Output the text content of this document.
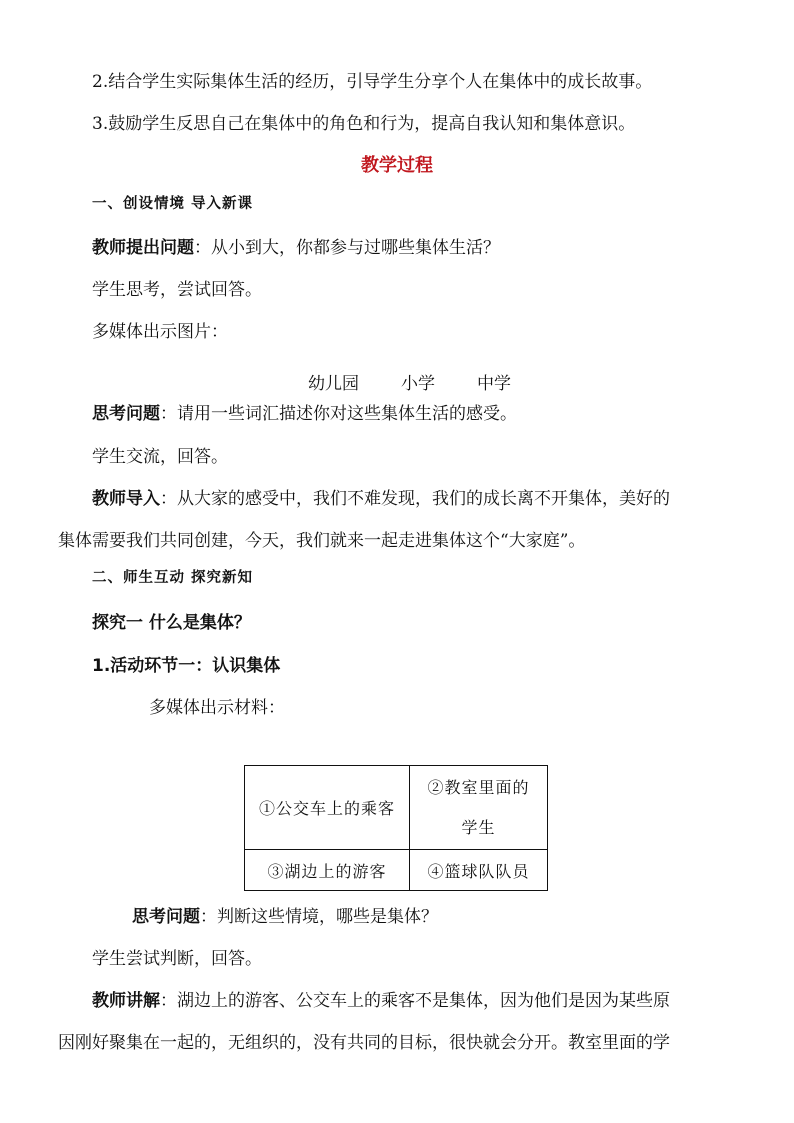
2.结合学生实际集体生活的经历，引导学生分享个人在集体中的成长故事。
3.鼓励学生反思自己在集体中的角色和行为，提高自我认知和集体意识。
教学过程
一、创设情境 导入新课
教师提出问题：从小到大，你都参与过哪些集体生活？
学生思考，尝试回答。
多媒体出示图片：
幼儿园 小学 中学
思考问题：请用一些词汇描述你对这些集体生活的感受。
学生交流，回答。
教师导入：从大家的感受中，我们不难发现，我们的成长离不开集体，美好的
集体需要我们共同创建，今天，我们就来一起走进集体这个“大家庭”。
二、师生互动 探究新知
探究一 什么是集体？
1.活动环节一：认识集体
多媒体出示材料：
①公交车上的乘客	②教室里面的
学生

③湖边上的游客	④篮球队队员
思考问题：判断这些情境，哪些是集体？
学生尝试判断，回答。
教师讲解：湖边上的游客、公交车上的乘客不是集体，因为他们是因为某些原
因刚好聚集在一起的，无组织的，没有共同的目标，很快就会分开。教室里面的学
